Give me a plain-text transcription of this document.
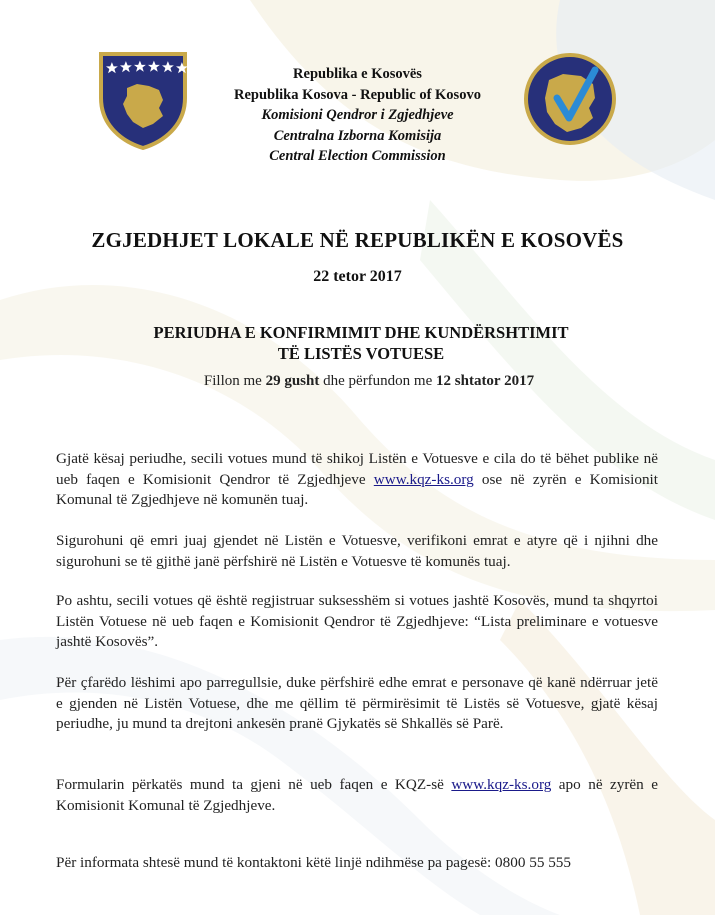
Republika e Kosovës
Republika Kosova - Republic of Kosovo
Komisioni Qendror i Zgjedhjeve
Centralna Izborna Komisija
Central Election Commission
ZGJEDHJET LOKALE NË REPUBLIKËN E KOSOVËS
22 tetor 2017
PERIUDHA E KONFIRMIMIT DHE KUNDËRSHTIMIT
TË LISTËS VOTUESE
Fillon me 29 gusht dhe përfundon me 12 shtator 2017
Gjatë kësaj periudhe, secili votues mund të shikoj Listën e Votuesve e cila do të bëhet publike në ueb faqen e Komisionit Qendror të Zgjedhjeve www.kqz-ks.org ose në zyrën e Komisionit Komunal të Zgjedhjeve në komunën tuaj.
Sigurohuni që emri juaj gjendet në Listën e Votuesve, verifikoni emrat e atyre që i njihni dhe sigurohuni se të gjithë janë përfshirë në Listën e Votuesve të komunës tuaj.
Po ashtu, secili votues që është regjistruar suksesshëm si votues jashtë Kosovës, mund ta shqyrtoi Listën Votuese në ueb faqen e Komisionit Qendror të Zgjedhjeve: “Lista preliminare e votuesve jashtë Kosovës”.
Për çfarëdo lëshimi apo parregullsie, duke përfshirë edhe emrat e personave që kanë ndërruar jetë e gjenden në Listën Votuese, dhe me qëllim të përmirësimit të Listës së Votuesve, gjatë kësaj periudhe, ju mund ta drejtoni ankesën pranë Gjykatës së Shkallës së Parë.
Formularin përkatës mund ta gjeni në ueb faqen e KQZ-së www.kqz-ks.org apo në zyrën e Komisionit Komunal të Zgjedhjeve.
Për informata shtesë mund të kontaktoni këtë linjë ndihmëse pa pagesë: 0800 55 555
